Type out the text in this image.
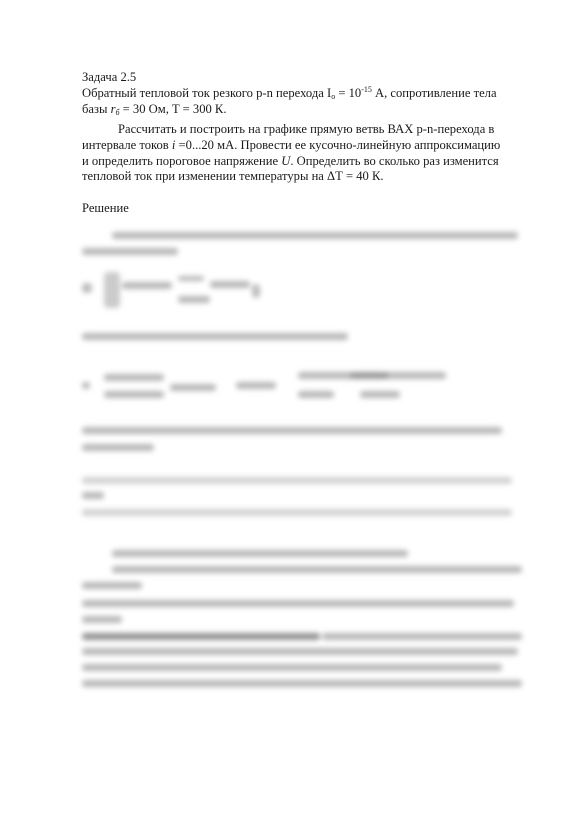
Задача 2.5
Обратный тепловой ток резкого p-n перехода $I_o = 10^{-15}$ А, сопротивление тела
базы $r_б = 30$ Ом, T = 300 К.
Рассчитать и построить на графике прямую ветвь ВАХ p-n-перехода в
интервале токов i =0...20 мА. Провести ее кусочно-линейную аппроксимацию
и определить пороговое напряжение U. Определить во сколько раз изменится
тепловой ток при изменении температуры на ΔТ = 40 К.
Решение
